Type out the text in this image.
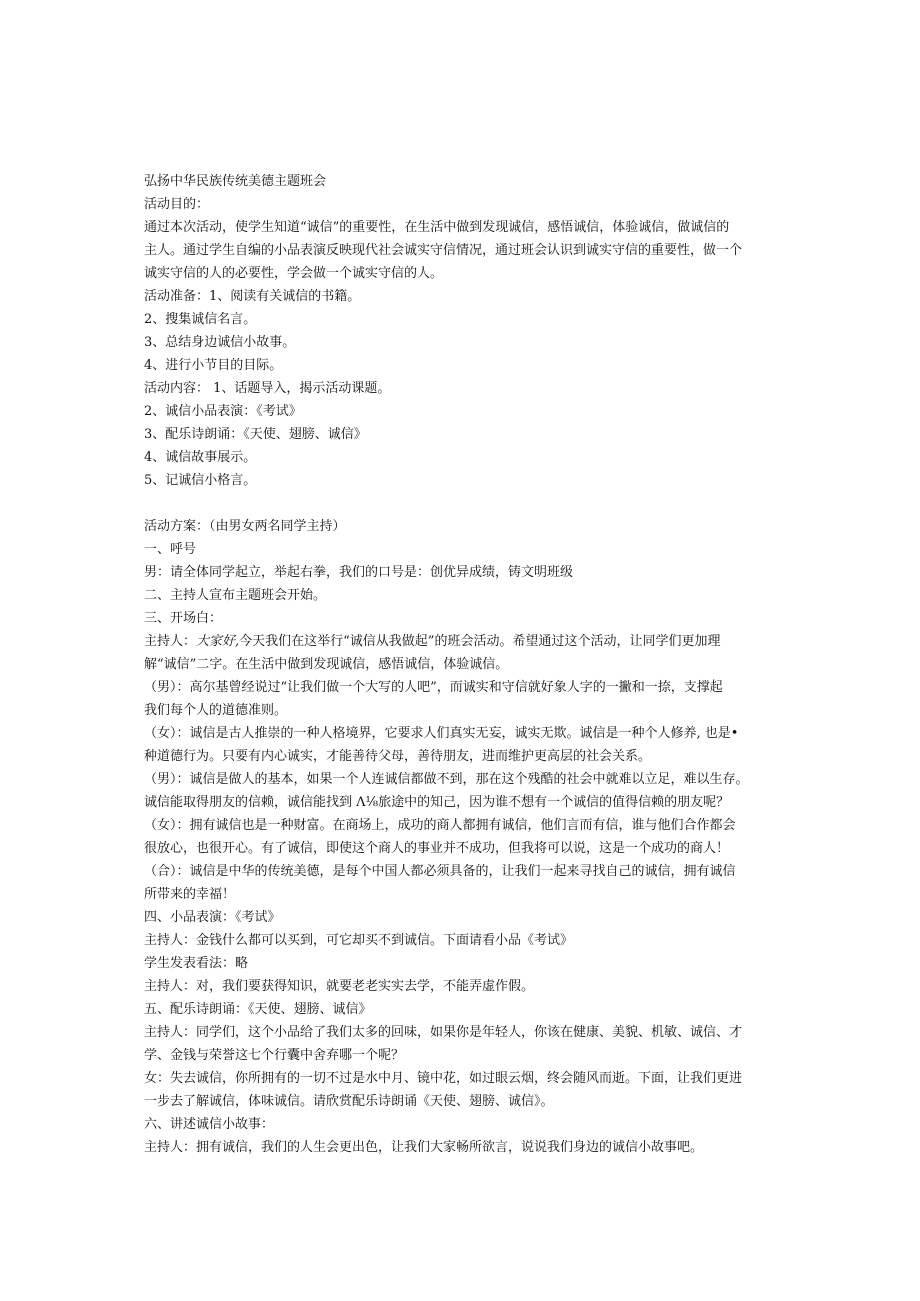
弘扬中华民族传统美德主题班会
活动目的：
通过本次活动，使学生知道“诚信”的重要性，在生活中做到发现诚信，感悟诚信，体验诚信，做诚信的
主人。通过学生自编的小品表演反映现代社会诚实守信情况，通过班会认识到诚实守信的重要性，做一个
诚实守信的人的必要性，学会做一个诚实守信的人。
活动准备：1、阅读有关诚信的书籍。
2、搜集诚信名言。
3、总结身边诚信小故事。
4、进行小节目的目际。
活动内容： 1、话题导入，揭示活动课题。
2、诚信小品表演：《考试》
3、配乐诗朗诵：《天使、翅膀、诚信》
4、诚信故事展示。
5、记诚信小格言。
活动方案：（由男女两名同学主持）
一、呼号
男：请全体同学起立，举起右拳，我们的口号是：创优异成绩，铸文明班级
二、主持人宣布主题班会开始。
三、开场白：
主持人：大家好,今天我们在这举行“诚信从我做起”的班会活动。希望通过这个活动，让同学们更加理
解“诚信”二字。在生活中做到发现诚信，感悟诚信，体验诚信。
（男）：高尔基曾经说过“让我们做一个大写的人吧”，而诚实和守信就好象人字的一撇和一捺，支撑起
我们每个人的道德准则。
（女）：诚信是古人推崇的一种人格境界，它要求人们真实无妄，诚实无欺。诚信是一种个人修养, 也是•
种道德行为。只要有内心诚实，才能善待父母，善待朋友，进而维护更高层的社会关系。
（男）：诚信是做人的基本，如果一个人连诚信都做不到，那在这个残酷的社会中就难以立足，难以生存。
诚信能取得朋友的信赖，诚信能找到 Λ⅛旅途中的知己，因为谁不想有一个诚信的值得信赖的朋友呢？
（女）：拥有诚信也是一种财富。在商场上，成功的商人都拥有诚信，他们言而有信，谁与他们合作都会
很放心，也很开心。有了诚信，即使这个商人的事业并不成功，但我将可以说，这是一个成功的商人！
（合）：诚信是中华的传统美德，是每个中国人都必须具备的，让我们一起来寻找自己的诚信，拥有诚信
所带来的幸福！
四、小品表演：《考试》
主持人：金钱什么都可以买到，可它却买不到诚信。下面请看小品《考试》
学生发表看法：略
主持人：对，我们要获得知识，就要老老实实去学，不能弄虚作假。
五、配乐诗朗诵：《天使、翅膀、诚信》
主持人：同学们，这个小品给了我们太多的回味，如果你是年轻人，你该在健康、美貌、机敏、诚信、才
学、金钱与荣誉这七个行囊中舍弃哪一个呢？
女：失去诚信，你所拥有的一切不过是水中月、镜中花，如过眼云烟，终会随风而逝。下面，让我们更进
一步去了解诚信，体味诚信。请欣赏配乐诗朗诵《天使、翅膀、诚信》。
六、讲述诚信小故事：
主持人：拥有诚信，我们的人生会更出色，让我们大家畅所欲言，说说我们身边的诚信小故事吧。
